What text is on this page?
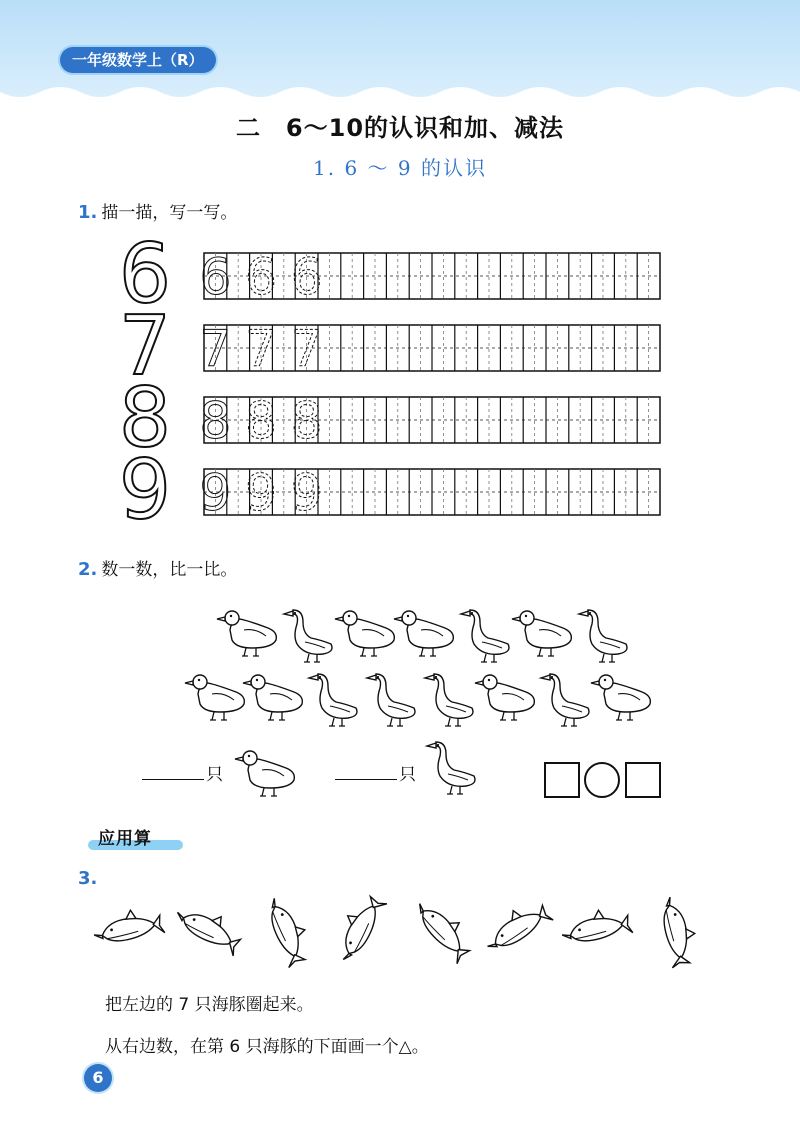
一年级数学上（R）
二　6～10的认识和加、减法
1. 6 ～ 9 的认识
1. 描一描，写一写。
6 6 6 6
7 7 7 7
8 8 8 8
9 9 9 9
2. 数一数，比一比。
只	只
应用算
3.
把左边的 7 只海豚圈起来。
从右边数，在第 6 只海豚的下面画一个△。
6
